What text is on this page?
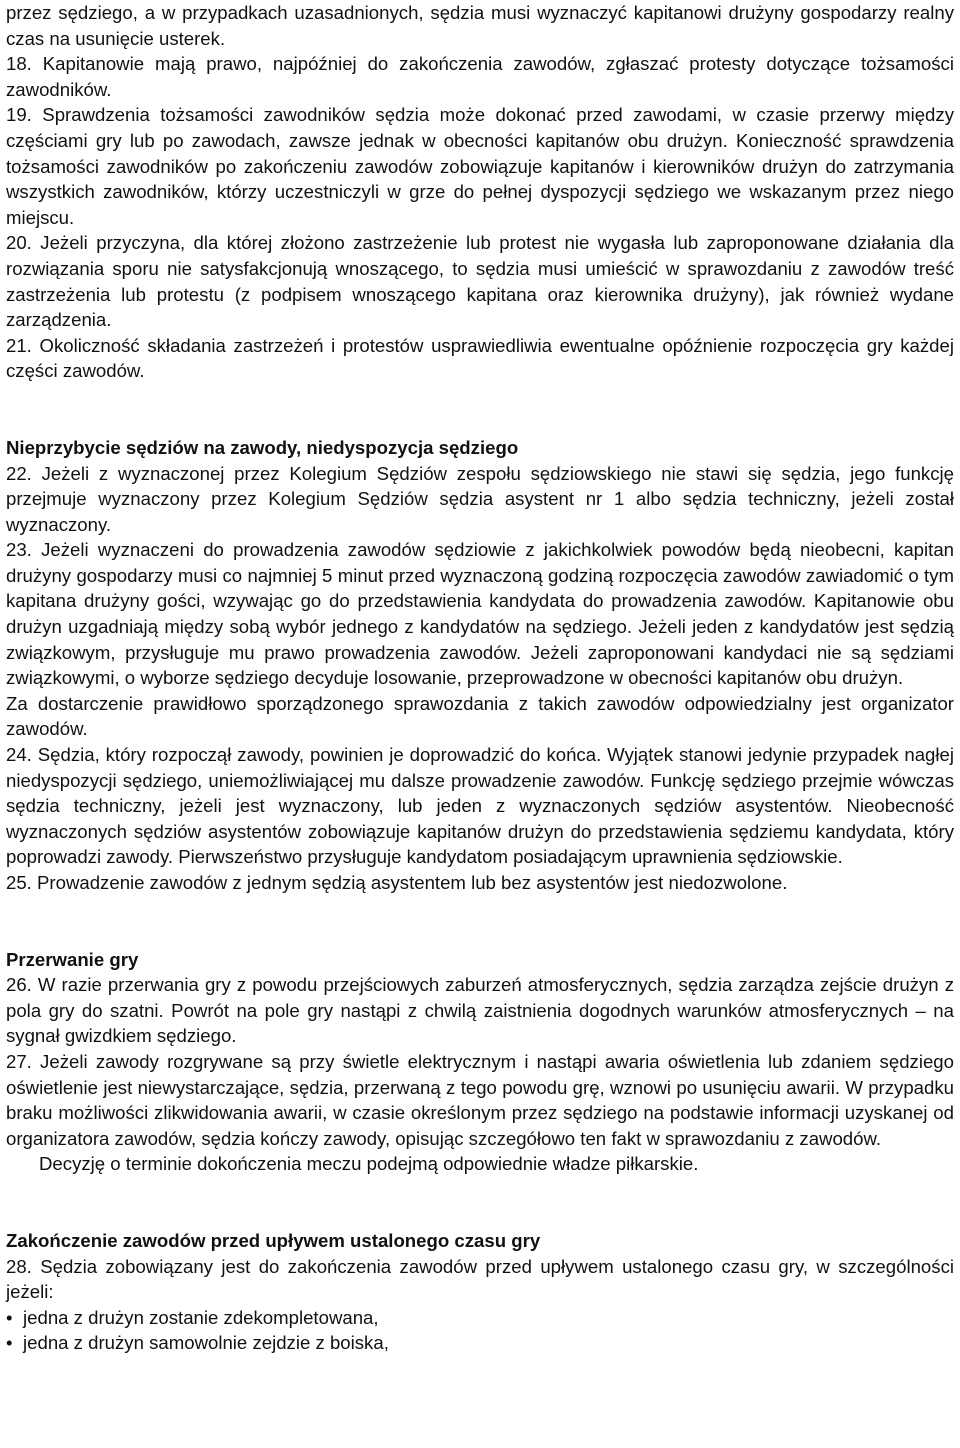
przez sędziego, a w przypadkach uzasadnionych, sędzia musi wyznaczyć kapitanowi drużyny gospodarzy realny czas na usunięcie usterek.

18. Kapitanowie mają prawo, najpóźniej do zakończenia zawodów, zgłaszać protesty dotyczące tożsamości zawodników.

19. Sprawdzenia tożsamości zawodników sędzia może dokonać przed zawodami, w czasie przerwy między częściami gry lub po zawodach, zawsze jednak w obecności kapitanów obu drużyn. Konieczność sprawdzenia tożsamości zawodników po zakończeniu zawodów zobowiązuje kapitanów i kierowników drużyn do zatrzymania wszystkich zawodników, którzy uczestniczyli w grze do pełnej dyspozycji sędziego we wskazanym przez niego miejscu.

20. Jeżeli przyczyna, dla której złożono zastrzeżenie lub protest nie wygasła lub zaproponowane działania dla rozwiązania sporu nie satysfakcjonują wnoszącego, to sędzia musi umieścić w sprawozdaniu z zawodów treść zastrzeżenia lub protestu (z podpisem wnoszącego kapitana oraz kierownika drużyny), jak również wydane zarządzenia.

21. Okoliczność składania zastrzeżeń i protestów usprawiedliwia ewentualne opóźnienie rozpoczęcia gry każdej części zawodów.

Nieprzybycie sędziów na zawody, niedyspozycja sędziego

22. Jeżeli z wyznaczonej przez Kolegium Sędziów zespołu sędziowskiego nie stawi się sędzia, jego funkcję przejmuje wyznaczony przez Kolegium Sędziów sędzia asystent nr 1 albo sędzia techniczny, jeżeli został wyznaczony.

23. Jeżeli wyznaczeni do prowadzenia zawodów sędziowie z jakichkolwiek powodów będą nieobecni, kapitan drużyny gospodarzy musi co najmniej 5 minut przed wyznaczoną godziną rozpoczęcia zawodów zawiadomić o tym kapitana drużyny gości, wzywając go do przedstawienia kandydata do prowadzenia zawodów. Kapitanowie obu drużyn uzgadniają między sobą wybór jednego z kandydatów na sędziego. Jeżeli jeden z kandydatów jest sędzią związkowym, przysługuje mu prawo prowadzenia zawodów. Jeżeli zaproponowani kandydaci nie są sędziami związkowymi, o wyborze sędziego decyduje losowanie, przeprowadzone w obecności kapitanów obu drużyn.

Za dostarczenie prawidłowo sporządzonego sprawozdania z takich zawodów odpowiedzialny jest organizator zawodów.

24. Sędzia, który rozpoczął zawody, powinien je doprowadzić do końca. Wyjątek stanowi jedynie przypadek nagłej niedyspozycji sędziego, uniemożliwiającej mu dalsze prowadzenie zawodów. Funkcję sędziego przejmie wówczas sędzia techniczny, jeżeli jest wyznaczony, lub jeden z wyznaczonych sędziów asystentów. Nieobecność wyznaczonych sędziów asystentów zobowiązuje kapitanów drużyn do przedstawienia sędziemu kandydata, który poprowadzi zawody. Pierwszeństwo przysługuje kandydatom posiadającym uprawnienia sędziowskie.

25. Prowadzenie zawodów z jednym sędzią asystentem lub bez asystentów jest niedozwolone.

Przerwanie gry

26. W razie przerwania gry z powodu przejściowych zaburzeń atmosferycznych, sędzia zarządza zejście drużyn z pola gry do szatni. Powrót na pole gry nastąpi z chwilą zaistnienia dogodnych warunków atmosferycznych – na sygnał gwizdkiem sędziego.

27. Jeżeli zawody rozgrywane są przy świetle elektrycznym i nastąpi awaria oświetlenia lub zdaniem sędziego oświetlenie jest niewystarczające, sędzia, przerwaną z tego powodu grę, wznowi po usunięciu awarii. W przypadku braku możliwości zlikwidowania awarii, w czasie określonym przez sędziego na podstawie informacji uzyskanej od organizatora zawodów, sędzia kończy zawody, opisując szczegółowo ten fakt w sprawozdaniu z zawodów.

Decyzję o terminie dokończenia meczu podejmą odpowiednie władze piłkarskie.

Zakończenie zawodów przed upływem ustalonego czasu gry

28. Sędzia zobowiązany jest do zakończenia zawodów przed upływem ustalonego czasu gry, w szczególności jeżeli:

• jedna z drużyn zostanie zdekompletowana,
• jedna z drużyn samowolnie zejdzie z boiska,
